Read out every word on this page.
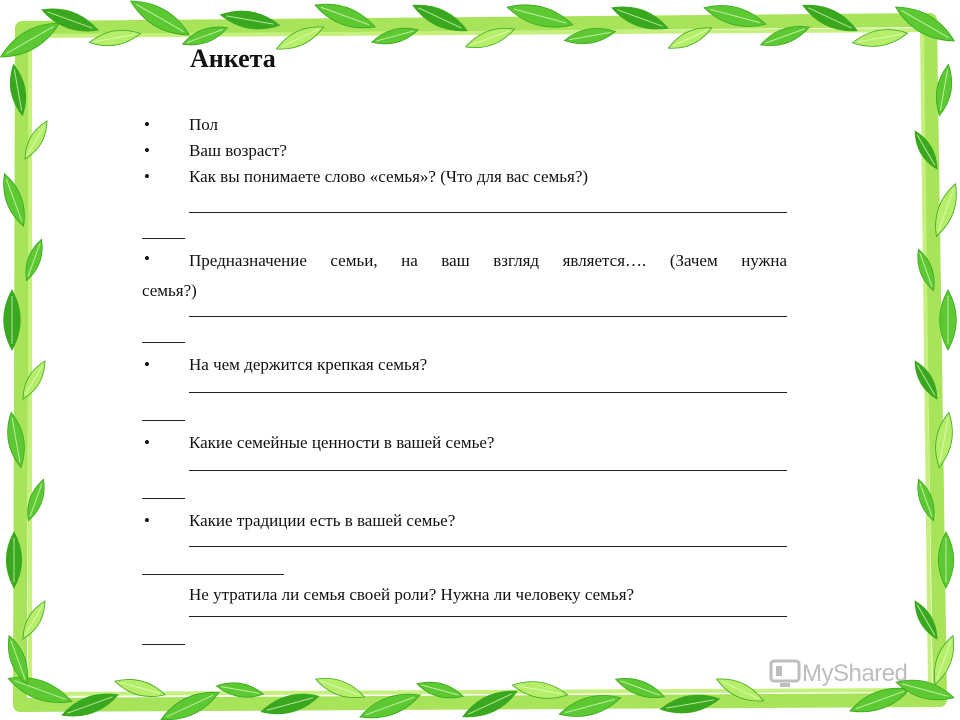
Анкета
• Пол
• Ваш возраст?
• Как вы понимаете слово «семья»? (Что для вас семья?)
• Предназначение семьи, на ваш взгляд является…. (Зачем нужна
семья?)
• На чем держится крепкая семья?
• Какие семейные ценности в вашей семье?
• Какие традиции есть в вашей семье?
Не утратила ли семья своей роли? Нужна ли человеку семья?
MyShared
